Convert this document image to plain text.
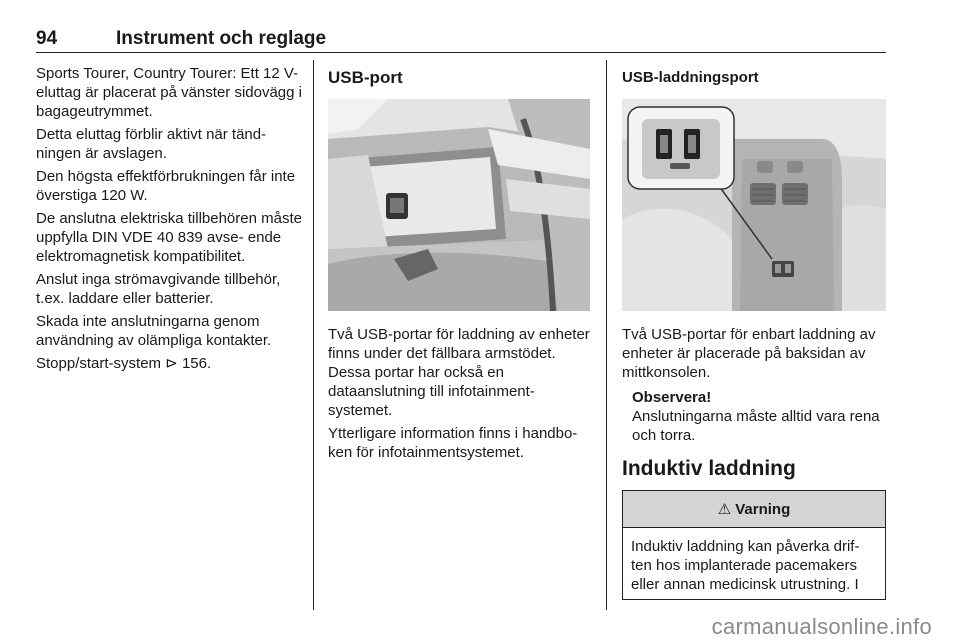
94	Instrument och reglage

Sports Tourer, Country Tourer: Ett 12 V-eluttag är placerat på vänster sidovägg i bagageutrymmet.

Detta eluttag förblir aktivt när tänd- ningen är avslagen.

Den högsta effektförbrukningen får inte överstiga 120 W.

De anslutna elektriska tillbehören måste uppfylla DIN VDE 40 839 avse- ende elektromagnetisk kompatibilitet.

Anslut inga strömavgivande tillbehör, t.ex. laddare eller batterier.

Skada inte anslutningarna genom användning av olämpliga kontakter.

Stopp/start-system ⊳ 156.

USB-port

Två USB-portar för laddning av enheter finns under det fällbara armstödet. Dessa portar har också en dataanslutning till infotainment- systemet.

Ytterligare information finns i handbo- ken för infotainmentsystemet.

USB-laddningsport

Två USB-portar för enbart laddning av enheter är placerade på baksidan av mittkonsolen.

Observera!
Anslutningarna måste alltid vara rena och torra.
Induktiv laddning
⚠ Varning
Induktiv laddning kan påverka drif- ten hos implanterade pacemakers eller annan medicinsk utrustning. I
carmanualsonline.info
